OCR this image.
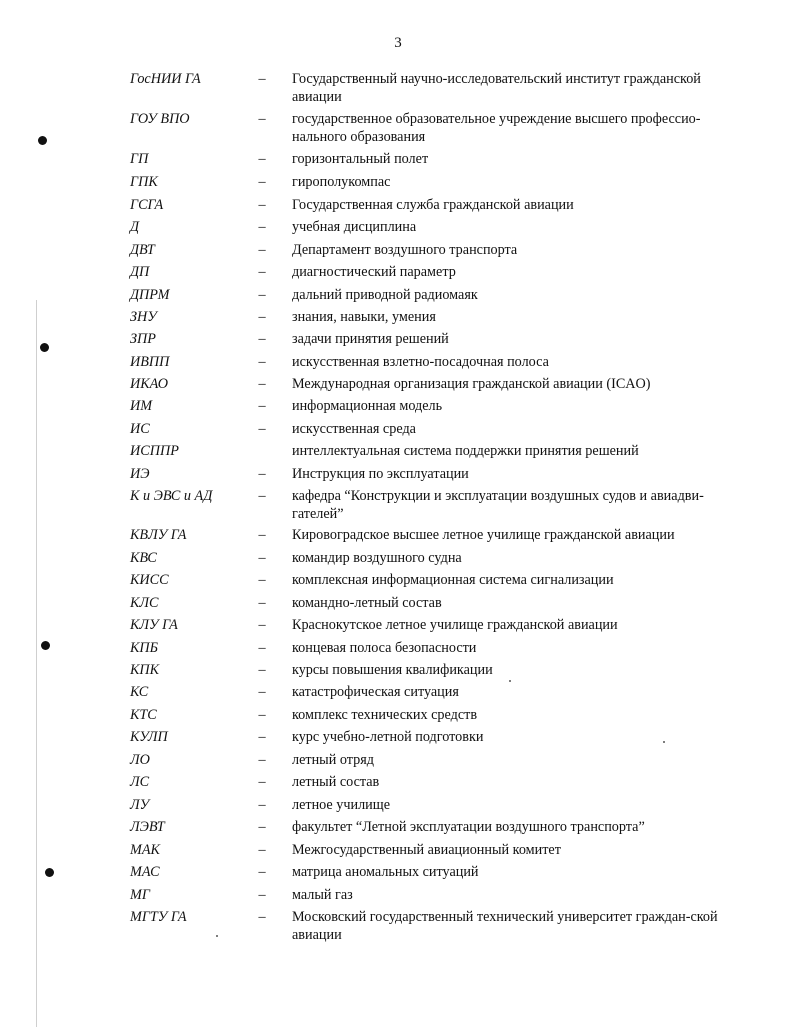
3
ГосНИИ ГА	– Государственный научно-исследовательский институт гражданской авиации
ГОУ ВПО	– государственное образовательное учреждение высшего профессио-нального образования
ГП	– горизонтальный полет
ГПК	– гирополукомпас
ГСГА	– Государственная служба гражданской авиации
Д	– учебная дисциплина
ДВТ	– Департамент воздушного транспорта
ДП	– диагностический параметр
ДПРМ	– дальний приводной радиомаяк
ЗНУ	– знания, навыки, умения
ЗПР	– задачи принятия решений
ИВПП	– искусственная взлетно-посадочная полоса
ИКАО	– Международная организация гражданской авиации (ICAO)
ИМ	– информационная модель
ИС	– искусственная среда
ИСППР	интеллектуальная система поддержки принятия решений
ИЭ	– Инструкция по эксплуатации
К и ЭВС и АД	– кафедра “Конструкции и эксплуатации воздушных судов и авиадви-гателей”
КВЛУ ГА	– Кировоградское высшее летное училище гражданской авиации
КВС	– командир воздушного судна
КИСС	– комплексная информационная система сигнализации
КЛС	– командно-летный состав
КЛУ ГА	– Краснокутское летное училище гражданской авиации
КПБ	– концевая полоса безопасности
КПК	– курсы повышения квалификации
КС	– катастрофическая ситуация
КТС	– комплекс технических средств
КУЛП	– курс учебно-летной подготовки
ЛО	– летный отряд
ЛС	– летный состав
ЛУ	– летное училище
ЛЭВТ	– факультет “Летной эксплуатации воздушного транспорта”
МАК	– Межгосударственный авиационный комитет
МАС	– матрица аномальных ситуаций
МГ	– малый газ
МГТУ ГА	– Московский государственный технический университет граждан-ской авиации
